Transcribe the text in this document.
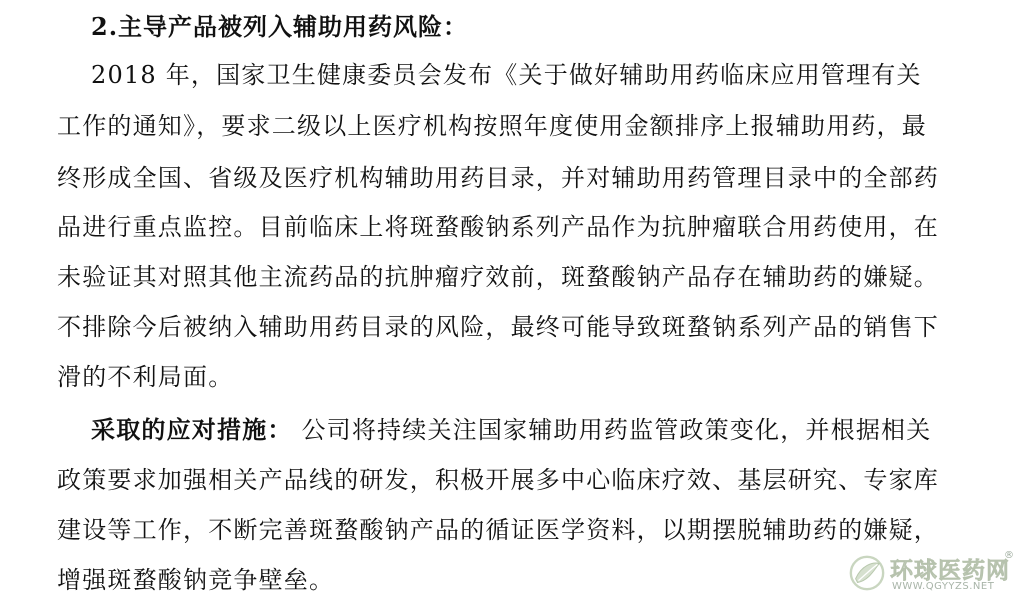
2.主导产品被列入辅助用药风险：
2018 年，国家卫生健康委员会发布《关于做好辅助用药临床应用管理有关
工作的通知》，要求二级以上医疗机构按照年度使用金额排序上报辅助用药，最
终形成全国、省级及医疗机构辅助用药目录，并对辅助用药管理目录中的全部药
品进行重点监控。目前临床上将斑蝥酸钠系列产品作为抗肿瘤联合用药使用，在
未验证其对照其他主流药品的抗肿瘤疗效前，斑蝥酸钠产品存在辅助药的嫌疑。
不排除今后被纳入辅助用药目录的风险，最终可能导致斑蝥钠系列产品的销售下
滑的不利局面。
采取的应对措施： 公司将持续关注国家辅助用药监管政策变化，并根据相关
政策要求加强相关产品线的研发，积极开展多中心临床疗效、基层研究、专家库
建设等工作，不断完善斑蝥酸钠产品的循证医学资料，以期摆脱辅助药的嫌疑，
增强斑蝥酸钠竞争壁垒。	环球医药网
®
WWW.QGYYZS.NET
